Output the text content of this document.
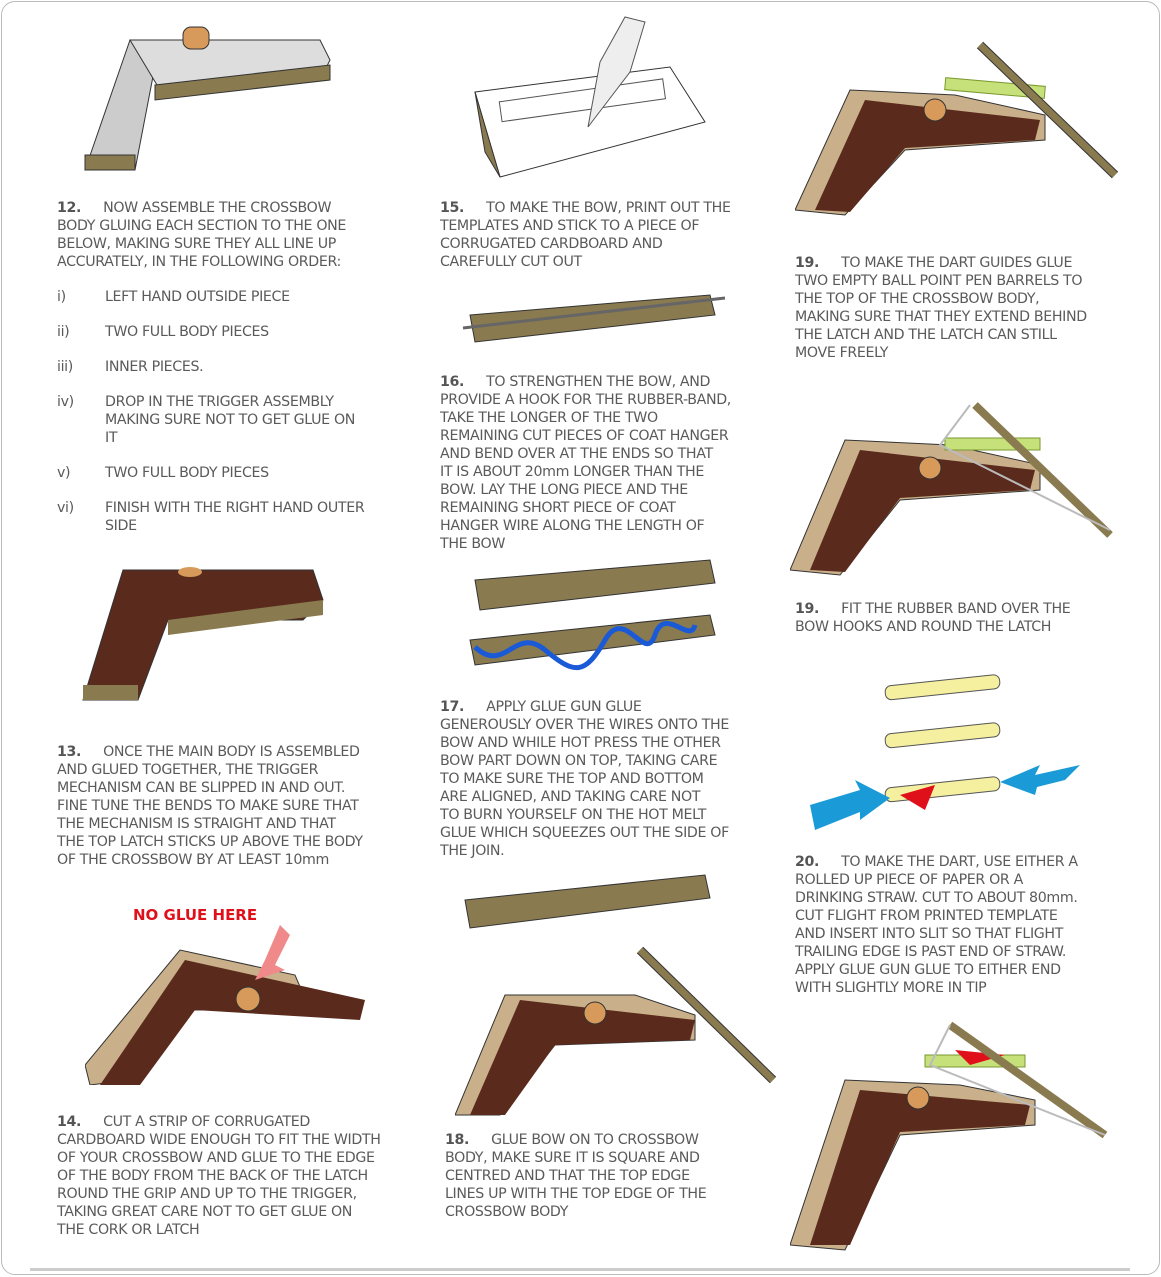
NO GLUE HERE
12. NOW ASSEMBLE THE CROSSBOW
BODY GLUING EACH SECTION TO THE ONE
BELOW, MAKING SURE THEY ALL LINE UP
ACCURATELY, IN THE FOLLOWING ORDER:
i)	LEFT HAND OUTSIDE PIECE
ii)	TWO FULL BODY PIECES
iii) INNER PIECES.
iv) DROP IN THE TRIGGER ASSEMBLY
MAKING SURE NOT TO GET GLUE ON
IT
v) TWO FULL BODY PIECES
vi) FINISH WITH THE RIGHT HAND OUTER
SIDE
13. ONCE THE MAIN BODY IS ASSEMBLED
AND GLUED TOGETHER, THE TRIGGER
MECHANISM CAN BE SLIPPED IN AND OUT.
FINE TUNE THE BENDS TO MAKE SURE THAT
THE MECHANISM IS STRAIGHT AND THAT
THE TOP LATCH STICKS UP ABOVE THE BODY
OF THE CROSSBOW BY AT LEAST 10mm
14. CUT A STRIP OF CORRUGATED
CARDBOARD WIDE ENOUGH TO FIT THE WIDTH
OF YOUR CROSSBOW AND GLUE TO THE EDGE
OF THE BODY FROM THE BACK OF THE LATCH
ROUND THE GRIP AND UP TO THE TRIGGER,
TAKING GREAT CARE NOT TO GET GLUE ON
THE CORK OR LATCH
15. TO MAKE THE BOW, PRINT OUT THE
TEMPLATES AND STICK TO A PIECE OF
CORRUGATED CARDBOARD AND
CAREFULLY CUT OUT
16. TO STRENGTHEN THE BOW, AND
PROVIDE A HOOK FOR THE RUBBER-BAND,
TAKE THE LONGER OF THE TWO
REMAINING CUT PIECES OF COAT HANGER
AND BEND OVER AT THE ENDS SO THAT
IT IS ABOUT 20mm LONGER THAN THE
BOW. LAY THE LONG PIECE AND THE
REMAINING SHORT PIECE OF COAT
HANGER WIRE ALONG THE LENGTH OF
THE BOW
17. APPLY GLUE GUN GLUE
GENEROUSLY OVER THE WIRES ONTO THE
BOW AND WHILE HOT PRESS THE OTHER
BOW PART DOWN ON TOP, TAKING CARE
TO MAKE SURE THE TOP AND BOTTOM
ARE ALIGNED, AND TAKING CARE NOT
TO BURN YOURSELF ON THE HOT MELT
GLUE WHICH SQUEEZES OUT THE SIDE OF
THE JOIN.
18. GLUE BOW ON TO CROSSBOW
BODY, MAKE SURE IT IS SQUARE AND
CENTRED AND THAT THE TOP EDGE
LINES UP WITH THE TOP EDGE OF THE
CROSSBOW BODY
19. TO MAKE THE DART GUIDES GLUE
TWO EMPTY BALL POINT PEN BARRELS TO
THE TOP OF THE CROSSBOW BODY,
MAKING SURE THAT THEY EXTEND BEHIND
THE LATCH AND THE LATCH CAN STILL
MOVE FREELY
19. FIT THE RUBBER BAND OVER THE
BOW HOOKS AND ROUND THE LATCH
20. TO MAKE THE DART, USE EITHER A
ROLLED UP PIECE OF PAPER OR A
DRINKING STRAW. CUT TO ABOUT 80mm.
CUT FLIGHT FROM PRINTED TEMPLATE
AND INSERT INTO SLIT SO THAT FLIGHT
TRAILING EDGE IS PAST END OF STRAW.
APPLY GLUE GUN GLUE TO EITHER END
WITH SLIGHTLY MORE IN TIP
